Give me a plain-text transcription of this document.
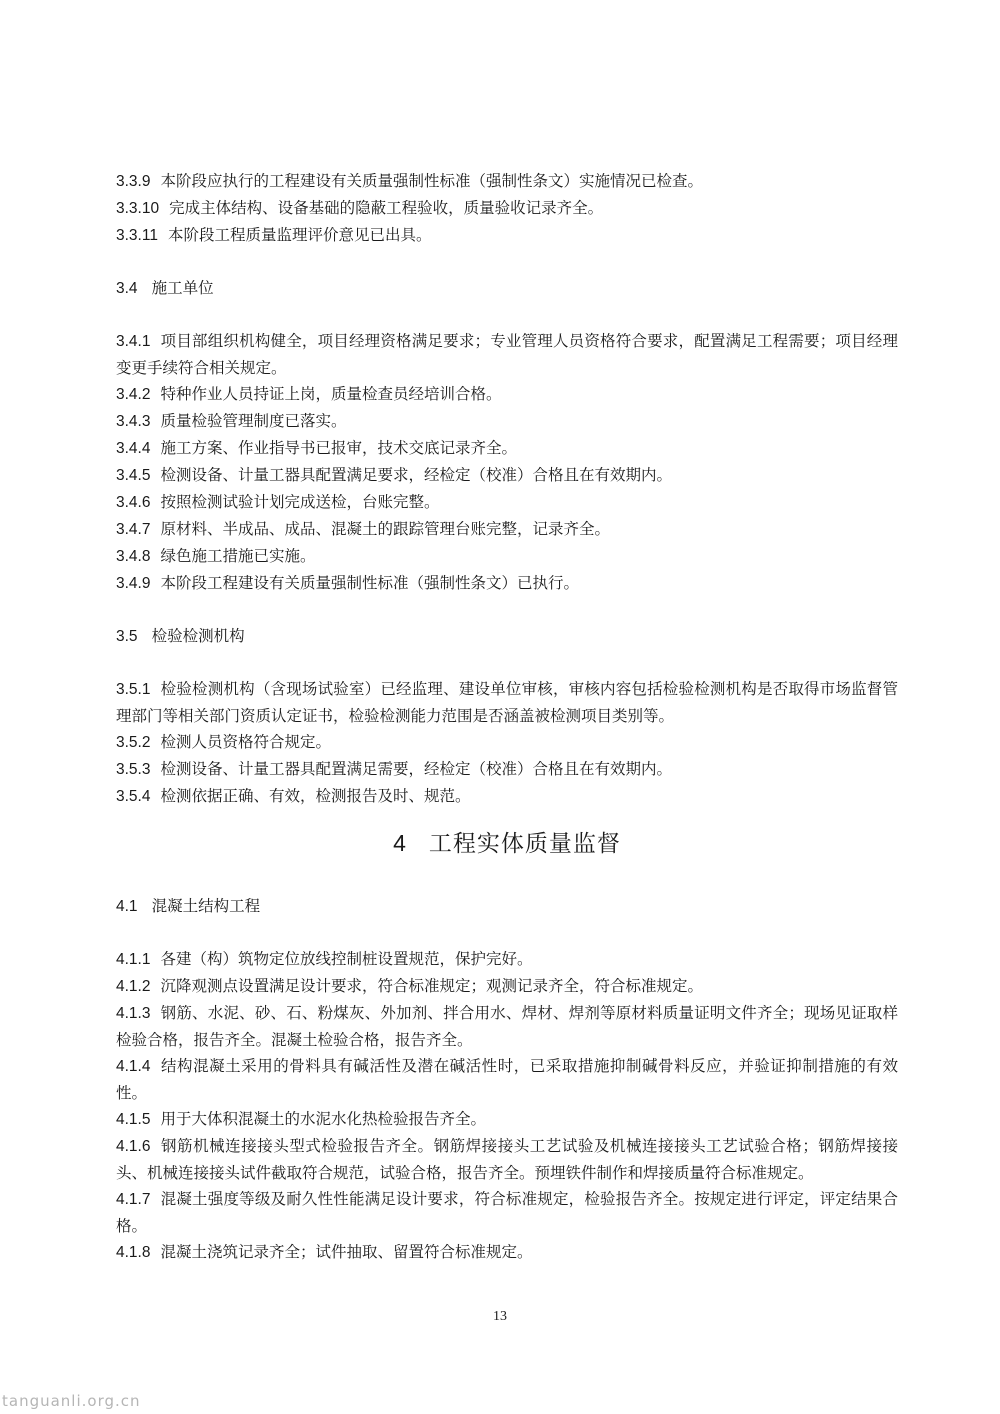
3.3.9 本阶段应执行的工程建设有关质量强制性标准（强制性条文）实施情况已检查。
3.3.10 完成主体结构、设备基础的隐蔽工程验收，质量验收记录齐全。
3.3.11 本阶段工程质量监理评价意见已出具。
3.4 施工单位
3.4.1 项目部组织机构健全，项目经理资格满足要求；专业管理人员资格符合要求，配置满足工程需要；项目经理变更手续符合相关规定。
3.4.2 特种作业人员持证上岗，质量检查员经培训合格。
3.4.3 质量检验管理制度已落实。
3.4.4 施工方案、作业指导书已报审，技术交底记录齐全。
3.4.5 检测设备、计量工器具配置满足要求，经检定（校准）合格且在有效期内。
3.4.6 按照检测试验计划完成送检，台账完整。
3.4.7 原材料、半成品、成品、混凝土的跟踪管理台账完整，记录齐全。
3.4.8 绿色施工措施已实施。
3.4.9 本阶段工程建设有关质量强制性标准（强制性条文）已执行。
3.5 检验检测机构
3.5.1 检验检测机构（含现场试验室）已经监理、建设单位审核，审核内容包括检验检测机构是否取得市场监督管理部门等相关部门资质认定证书，检验检测能力范围是否涵盖被检测项目类别等。
3.5.2 检测人员资格符合规定。
3.5.3 检测设备、计量工器具配置满足需要，经检定（校准）合格且在有效期内。
3.5.4 检测依据正确、有效，检测报告及时、规范。
4 工程实体质量监督
4.1 混凝土结构工程
4.1.1 各建（构）筑物定位放线控制桩设置规范，保护完好。
4.1.2 沉降观测点设置满足设计要求，符合标准规定；观测记录齐全，符合标准规定。
4.1.3 钢筋、水泥、砂、石、粉煤灰、外加剂、拌合用水、焊材、焊剂等原材料质量证明文件齐全；现场见证取样检验合格，报告齐全。混凝土检验合格，报告齐全。
4.1.4 结构混凝土采用的骨料具有碱活性及潜在碱活性时，已采取措施抑制碱骨料反应，并验证抑制措施的有效性。
4.1.5 用于大体积混凝土的水泥水化热检验报告齐全。
4.1.6 钢筋机械连接接头型式检验报告齐全。钢筋焊接接头工艺试验及机械连接接头工艺试验合格；钢筋焊接接头、机械连接接头试件截取符合规范，试验合格，报告齐全。预埋铁件制作和焊接质量符合标准规定。
4.1.7 混凝土强度等级及耐久性性能满足设计要求，符合标准规定，检验报告齐全。按规定进行评定，评定结果合格。
4.1.8 混凝土浇筑记录齐全；试件抽取、留置符合标准规定。
13
tanguanli.org.cn
